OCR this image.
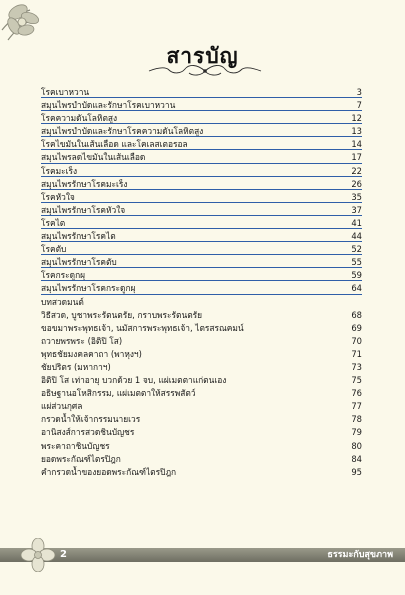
สารบัญ
โรคเบาหวาน	3
สมุนไพรบำบัดและรักษาโรคเบาหวาน	7
โรคความดันโลหิตสูง	12
สมุนไพรบำบัดและรักษาโรคความดันโลหิตสูง	13
โรคไขมันในเส้นเลือด และโคเลสเตอรอล	14
สมุนไพรลดไขมันในเส้นเลือด	17
โรคมะเร็ง	22
สมุนไพรรักษาโรคมะเร็ง	26
โรคหัวใจ	35
สมุนไพรรักษาโรคหัวใจ	37
โรคไต	41
สมุนไพรรักษาโรคไต	44
โรคตับ	52
สมุนไพรรักษาโรคตับ	55
โรคกระดูกผุ	59
สมุนไพรรักษาโรคกระดูกผุ	64
บทสวดมนต์
วิธีสวด, บูชาพระรัตนตรัย, กราบพระรัตนตรัย	68
ขอขมาพระพุทธเจ้า, นมัสการพระพุทธเจ้า, ไตรสรณคมน์	69
ถวายพรพระ (อิติปิ โส)	70
พุทธชัยมงคลคาถา (พาหุงฯ)	71
ชัยปริตร (มหากาฯ)	73
อิติปิ โส เท่าอายุ บวกด้วย 1 จบ, แผ่เมตตาแก่ตนเอง	75
อธิษฐานอโหสิกรรม, แผ่เมตตาให้สรรพสัตว์	76
แผ่ส่วนกุศล	77
กรวดน้ำให้เจ้ากรรมนายเวร	78
อานิสงส์การสวดชินบัญชร	79
พระคาถาชินบัญชร	80
ยอดพระกัณฑ์ไตรปิฎก	84
คำกรวดน้ำของยอดพระกัณฑ์ไตรปิฎก	95
2	ธรรมะกับสุขภาพ
